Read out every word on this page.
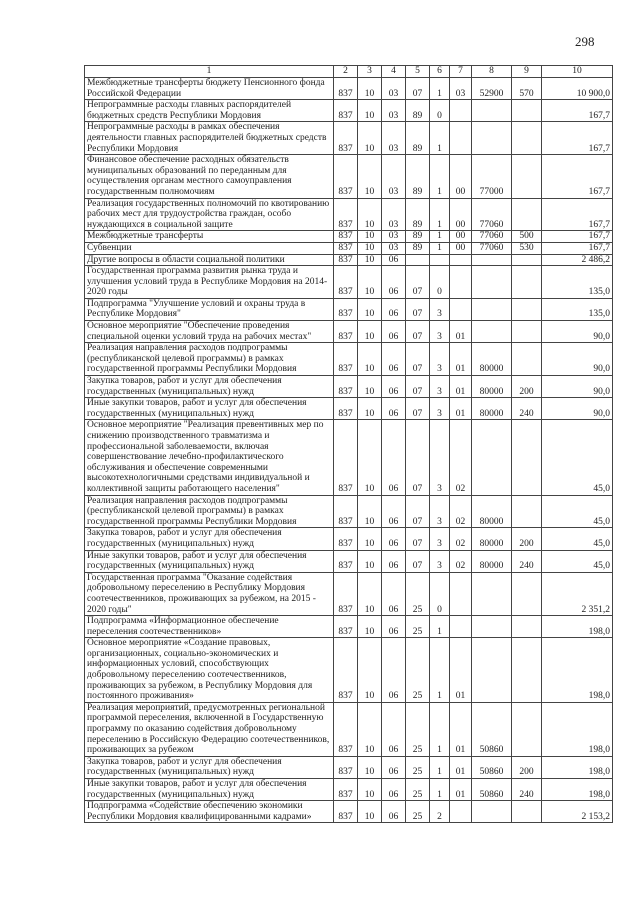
298
1	2	3	4	5	6	7	8	9	10
Межбюджетные трансферты бюджету Пенсионного фонда Российской Федерации	837	10	03	07	1	03	52900	570	10 900,0
Непрограммные расходы главных распорядителей бюджетных средств Республики Мордовия	837	10	03	89	0				167,7
Непрограммные расходы в рамках обеспечения деятельности главных распорядителей бюджетных средств Республики Мордовия	837	10	03	89	1				167,7
Финансовое обеспечение расходных обязательств муниципальных образований по переданным для осуществления органам местного самоуправления государственным полномочиям	837	10	03	89	1	00	77000		167,7
Реализация государственных полномочий по квотированию рабочих мест для трудоустройства граждан, особо нуждающихся в социальной защите	837	10	03	89	1	00	77060		167,7
Межбюджетные трансферты	837	10	03	89	1	00	77060	500	167,7
Субвенции	837	10	03	89	1	00	77060	530	167,7
Другие вопросы в области социальной политики	837	10	06						2 486,2
Государственная программа развития рынка труда и улучшения условий труда в Республике Мордовия на 2014-2020 годы	837	10	06	07	0				135,0
Подпрограмма "Улучшение условий и охраны труда в Республике Мордовия"	837	10	06	07	3				135,0
Основное мероприятие "Обеспечение проведения специальной оценки условий труда на рабочих местах"	837	10	06	07	3	01			90,0
Реализация направления расходов подпрограммы (республиканской целевой программы) в рамках государственной программы Республики Мордовия	837	10	06	07	3	01	80000		90,0
Закупка товаров, работ и услуг для обеспечения государственных (муниципальных) нужд	837	10	06	07	3	01	80000	200	90,0
Иные закупки товаров, работ и услуг для обеспечения государственных (муниципальных) нужд	837	10	06	07	3	01	80000	240	90,0
Основное мероприятие "Реализация превентивных мер по снижению производственного травматизма и профессиональной заболеваемости, включая совершенствование лечебно-профилактического обслуживания и обеспечение современными высокотехнологичными средствами индивидуальной и коллективной защиты работающего населения"	837	10	06	07	3	02			45,0
Реализация направления расходов подпрограммы (республиканской целевой программы) в рамках государственной программы Республики Мордовия	837	10	06	07	3	02	80000		45,0
Закупка товаров, работ и услуг для обеспечения государственных (муниципальных) нужд	837	10	06	07	3	02	80000	200	45,0
Иные закупки товаров, работ и услуг для обеспечения государственных (муниципальных) нужд	837	10	06	07	3	02	80000	240	45,0
Государственная программа "Оказание содействия добровольному переселению в Республику Мордовия соотечественников, проживающих за рубежом, на 2015 - 2020 годы"	837	10	06	25	0				2 351,2
Подпрограмма «Информационное обеспечение переселения соотечественников»	837	10	06	25	1				198,0
Основное мероприятие «Создание правовых, организационных, социально-экономических и информационных условий, способствующих добровольному переселению соотечественников, проживающих за рубежом, в Республику Мордовия для постоянного проживания»	837	10	06	25	1	01			198,0
Реализация мероприятий, предусмотренных региональной программой переселения, включенной в Государственную программу по оказанию содействия добровольному переселению в Российскую Федерацию соотечественников, проживающих за рубежом	837	10	06	25	1	01	50860		198,0
Закупка товаров, работ и услуг для обеспечения государственных (муниципальных) нужд	837	10	06	25	1	01	50860	200	198,0
Иные закупки товаров, работ и услуг для обеспечения государственных (муниципальных) нужд	837	10	06	25	1	01	50860	240	198,0
Подпрограмма «Содействие обеспечению экономики Республики Мордовия квалифицированными кадрами»	837	10	06	25	2				2 153,2
